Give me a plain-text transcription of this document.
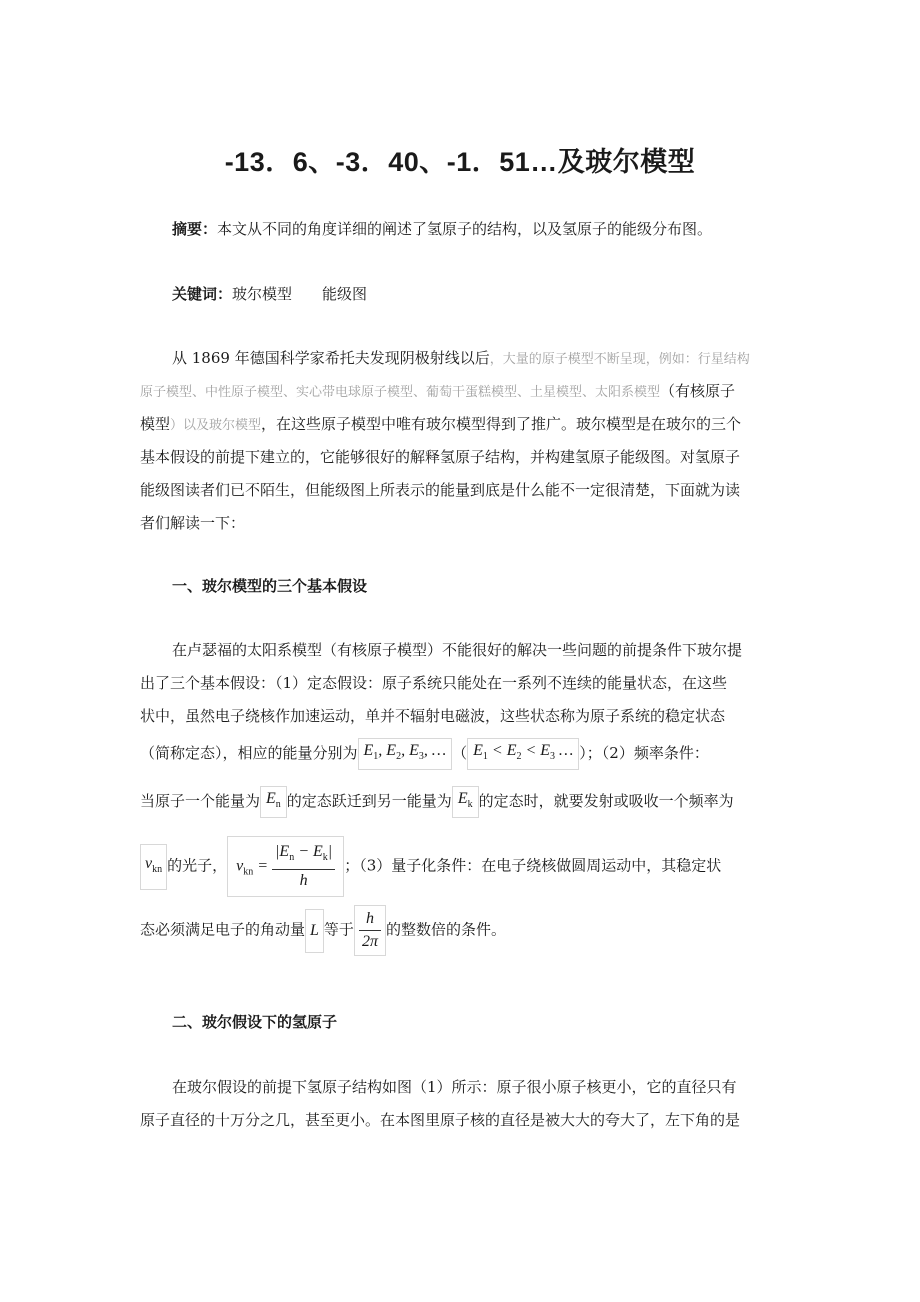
-13．6、-3．40、-1．51…及玻尔模型
摘要：本文从不同的角度详细的阐述了氢原子的结构，以及氢原子的能级分布图。
关键词：玻尔模型　　能级图
从 1869 年德国科学家希托夫发现阴极射线以后，大量的原子模型不断呈现，例如：行星结构
原子模型、中性原子模型、实心带电球原子模型、葡萄干蛋糕模型、土星模型、太阳系模型（有核原子
模型）以及玻尔模型，在这些原子模型中唯有玻尔模型得到了推广。玻尔模型是在玻尔的三个
基本假设的前提下建立的，它能够很好的解释氢原子结构，并构建氢原子能级图。对氢原子
能级图读者们已不陌生，但能级图上所表示的能量到底是什么能不一定很清楚，下面就为读
者们解读一下：
一、玻尔模型的三个基本假设
在卢瑟福的太阳系模型（有核原子模型）不能很好的解决一些问题的前提条件下玻尔提
出了三个基本假设：（1）定态假设：原子系统只能处在一系列不连续的能量状态，在这些
状中，虽然电子绕核作加速运动，单并不辐射电磁波，这些状态称为原子系统的稳定状态
（简称定态），相应的能量分别为 $E_1$, $E_2$, $E_3$, … （ $E_1 < E_2 < E_3$ … ）；（2）频率条件：
当原子一个能量为 $E_n$ 的定态跃迁到另一能量为 $E_k$ 的定态时，就要发射或吸收一个频率为
$\nu_{kn}$ 的光子， $\nu_{kn} = \frac{|E_n - E_k|}{h}$ ；（3）量子化条件：在电子绕核做圆周运动中，其稳定状
态必须满足电子的角动量 L 等于 $\frac{h}{2\pi}$ 的整数倍的条件。
二、玻尔假设下的氢原子
在玻尔假设的前提下氢原子结构如图（1）所示：原子很小原子核更小，它的直径只有
原子直径的十万分之几，甚至更小。在本图里原子核的直径是被大大的夸大了，左下角的是
